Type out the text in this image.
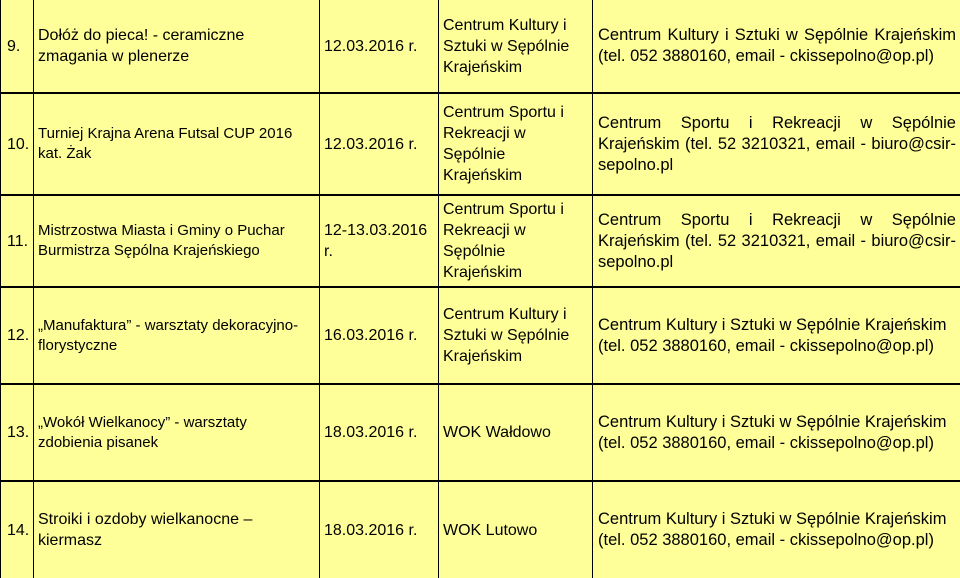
9.	Dołóż do pieca! - ceramiczne zmagania w plenerze	12.03.2016 r.	Centrum Kultury i Sztuki w Sępólnie Krajeńskim	Centrum Kultury i Sztuki w Sępólnie Krajeńskim (tel. 052 3880160, email - ckissepolno@op.pl)
10.	Turniej Krajna Arena Futsal CUP 2016 kat. Żak	12.03.2016 r.	Centrum Sportu i Rekreacji w Sępólnie Krajeńskim	Centrum Sportu i Rekreacji w Sępólnie Krajeńskim (tel. 52 3210321, email - biuro@csir-sepolno.pl
11.	Mistrzostwa Miasta i Gminy o Puchar Burmistrza Sępólna Krajeńskiego	12-13.03.2016 r.	Centrum Sportu i Rekreacji w Sępólnie Krajeńskim	Centrum Sportu i Rekreacji w Sępólnie Krajeńskim (tel. 52 3210321, email - biuro@csir-sepolno.pl
12.	„Manufaktura” - warsztaty dekoracyjno-florystyczne	16.03.2016 r.	Centrum Kultury i Sztuki w Sępólnie Krajeńskim	Centrum Kultury i Sztuki w Sępólnie Krajeńskim (tel. 052 3880160, email - ckissepolno@op.pl)
13.	„Wokół Wielkanocy” - warsztaty zdobienia pisanek	18.03.2016 r.	WOK Wałdowo	Centrum Kultury i Sztuki w Sępólnie Krajeńskim (tel. 052 3880160, email - ckissepolno@op.pl)
14.	Stroiki i ozdoby wielkanocne – kiermasz	18.03.2016 r.	WOK Lutowo	Centrum Kultury i Sztuki w Sępólnie Krajeńskim (tel. 052 3880160, email - ckissepolno@op.pl)
